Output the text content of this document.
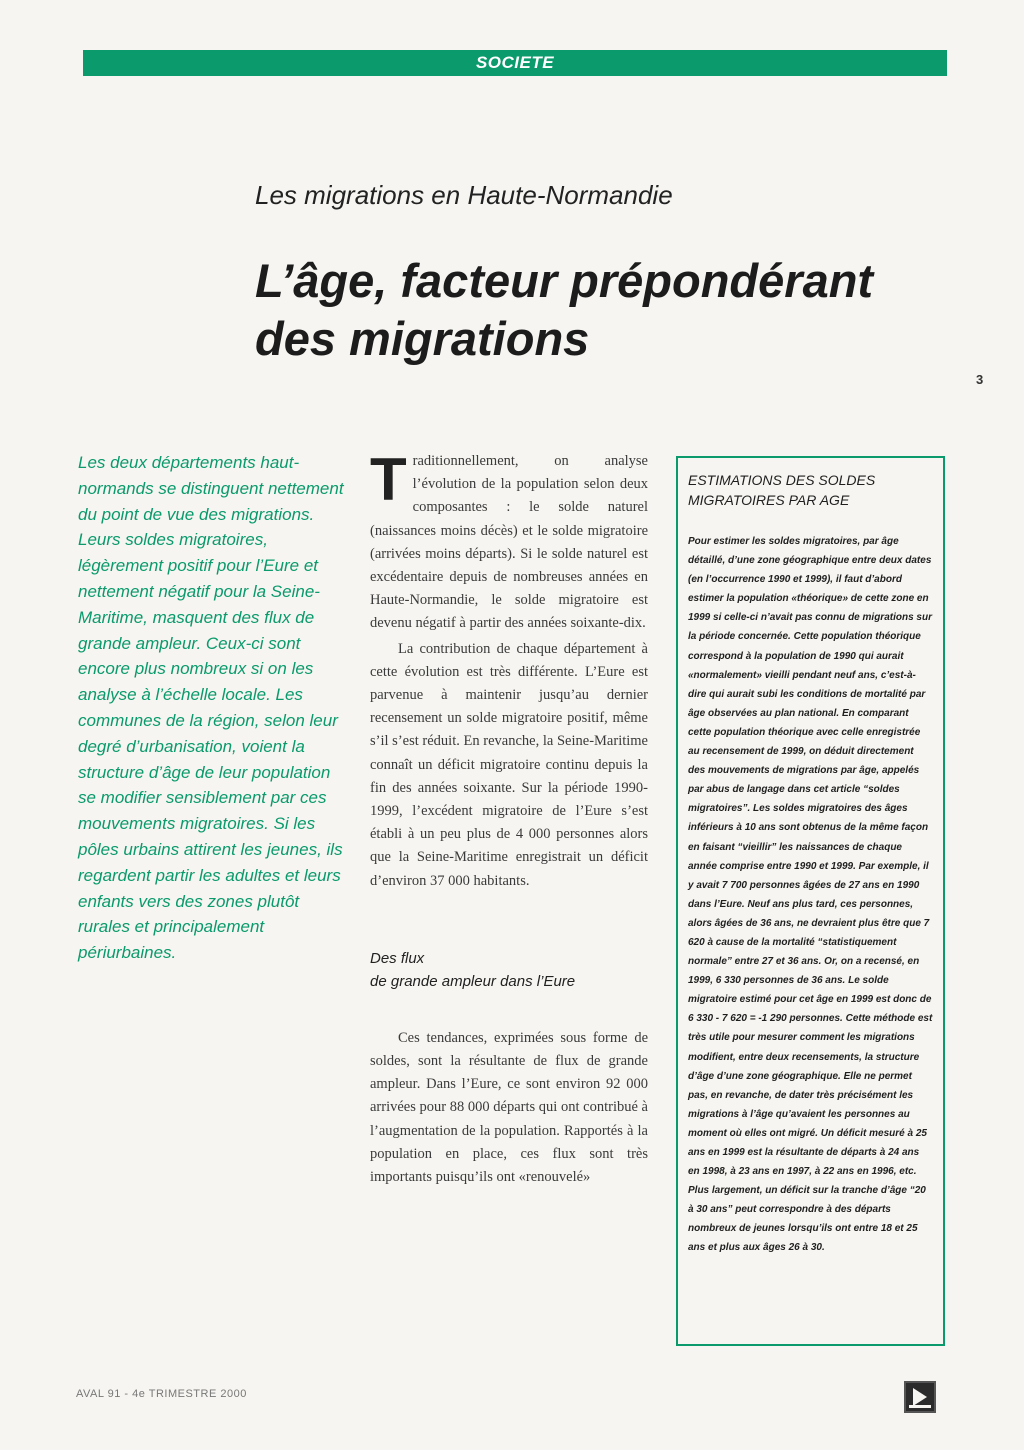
SOCIETE
Les migrations en Haute-Normandie
L’âge, facteur prépondérant des migrations
3

Les deux départements haut-normands se distinguent nettement du point de vue des migrations. Leurs soldes migratoires, légèrement positif pour l’Eure et nettement négatif pour la Seine-Maritime, masquent des flux de grande ampleur. Ceux-ci sont encore plus nombreux si on les analyse à l’échelle locale. Les communes de la région, selon leur degré d’urbanisation, voient la structure d’âge de leur population se modifier sensiblement par ces mouvements migratoires. Si les pôles urbains attirent les jeunes, ils regardent partir les adultes et leurs enfants vers des zones plutôt rurales et principalement périurbaines.

Traditionnellement, on analyse l’évolution de la population selon deux composantes : le solde naturel (naissances moins décès) et le solde migratoire (arrivées moins départs). Si le solde naturel est excédentaire depuis de nombreuses années en Haute-Normandie, le solde migratoire est devenu négatif à partir des années soixante-dix.

La contribution de chaque département à cette évolution est très différente. L’Eure est parvenue à maintenir jusqu’au dernier recensement un solde migratoire positif, même s’il s’est réduit. En revanche, la Seine-Maritime connaît un déficit migratoire continu depuis la fin des années soixante. Sur la période 1990-1999, l’excédent migratoire de l’Eure s’est établi à un peu plus de 4 000 personnes alors que la Seine-Maritime enregistrait un déficit d’environ 37 000 habitants.

Des flux
de grande ampleur dans l’Eure

Ces tendances, exprimées sous forme de soldes, sont la résultante de flux de grande ampleur. Dans l’Eure, ce sont environ 92 000 arrivées pour 88 000 départs qui ont contribué à l’augmentation de la population. Rapportés à la population en place, ces flux sont très importants puisqu’ils ont «renouvelé»

ESTIMATIONS DES SOLDES MIGRATOIRES PAR AGE

Pour estimer les soldes migratoires, par âge détaillé, d’une zone géographique entre deux dates (en l’occurrence 1990 et 1999), il faut d’abord estimer la population «théorique» de cette zone en 1999 si celle-ci n’avait pas connu de migrations sur la période concernée. Cette population théorique correspond à la population de 1990 qui aurait «normalement» vieilli pendant neuf ans, c’est-à-dire qui aurait subi les conditions de mortalité par âge observées au plan national. En comparant cette population théorique avec celle enregistrée au recensement de 1999, on déduit directement des mouvements de migrations par âge, appelés par abus de langage dans cet article “soldes migratoires”. Les soldes migratoires des âges inférieurs à 10 ans sont obtenus de la même façon en faisant “vieillir” les naissances de chaque année comprise entre 1990 et 1999. Par exemple, il y avait 7 700 personnes âgées de 27 ans en 1990 dans l’Eure. Neuf ans plus tard, ces personnes, alors âgées de 36 ans, ne devraient plus être que 7 620 à cause de la mortalité “statistiquement normale” entre 27 et 36 ans. Or, on a recensé, en 1999, 6 330 personnes de 36 ans. Le solde migratoire estimé pour cet âge en 1999 est donc de 6 330 - 7 620 = -1 290 personnes. Cette méthode est très utile pour mesurer comment les migrations modifient, entre deux recensements, la structure d’âge d’une zone géographique. Elle ne permet pas, en revanche, de dater très précisément les migrations à l’âge qu’avaient les personnes au moment où elles ont migré. Un déficit mesuré à 25 ans en 1999 est la résultante de départs à 24 ans en 1998, à 23 ans en 1997, à 22 ans en 1996, etc. Plus largement, un déficit sur la tranche d’âge “20 à 30 ans” peut correspondre à des départs nombreux de jeunes lorsqu’ils ont entre 18 et 25 ans et plus aux âges 26 à 30.

AVAL 91 - 4e TRIMESTRE 2000
